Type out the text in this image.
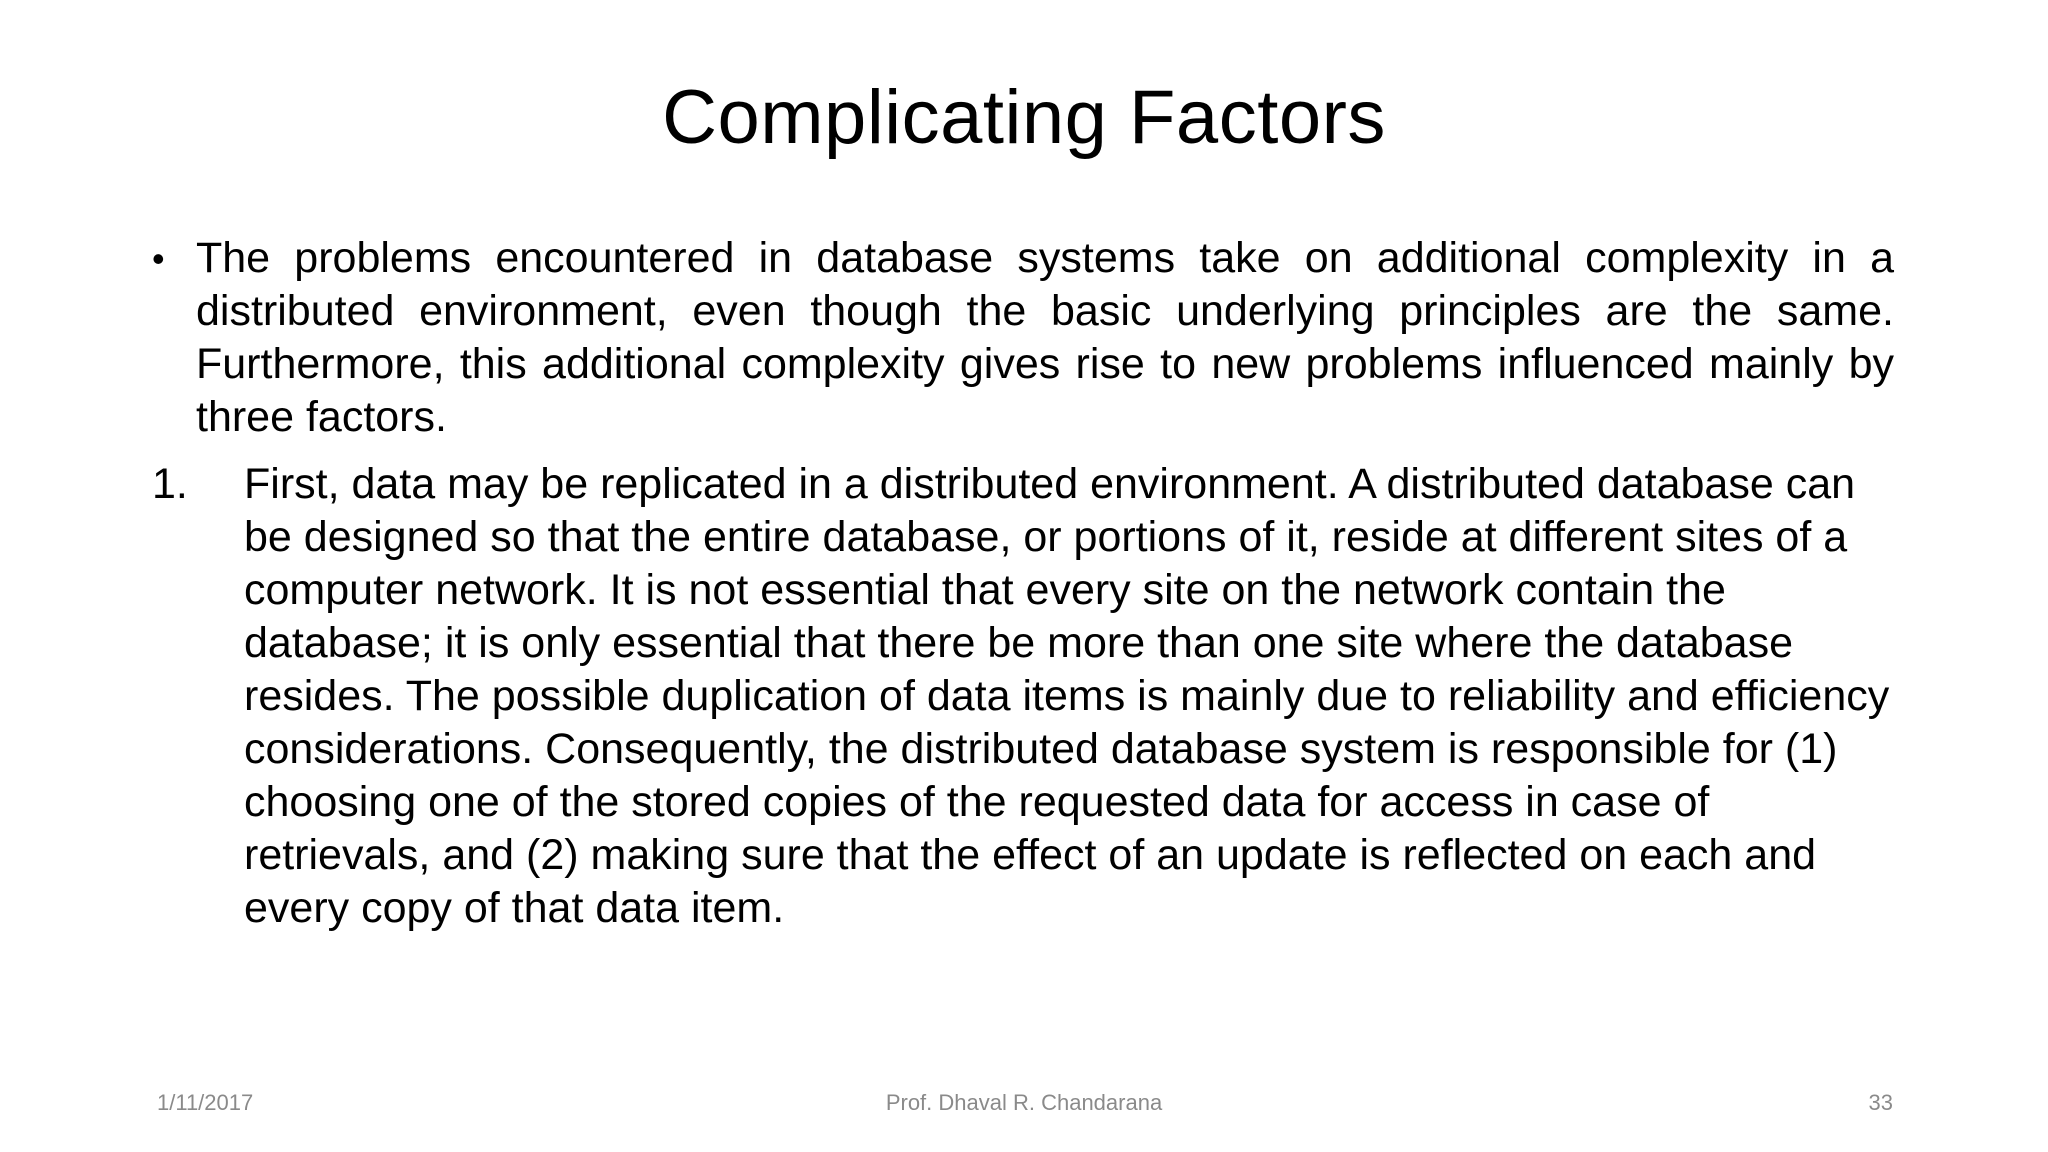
Complicating Factors
• The problems encountered in database systems take on additional complexity in a distributed environment, even though the basic underlying principles are the same. Furthermore, this additional complexity gives rise to new problems influenced mainly by three factors.
1.	First, data may be replicated in a distributed environment. A distributed database can be designed so that the entire database, or portions of it, reside at different sites of a computer network. It is not essential that every site on the network contain the database; it is only essential that there be more than one site where the database resides. The possible duplication of data items is mainly due to reliability and efficiency considerations. Consequently, the distributed database system is responsible for (1) choosing one of the stored copies of the requested data for access in case of retrievals, and (2) making sure that the effect of an update is reflected on each and every copy of that data item.
1/11/2017	Prof. Dhaval R. Chandarana	33
